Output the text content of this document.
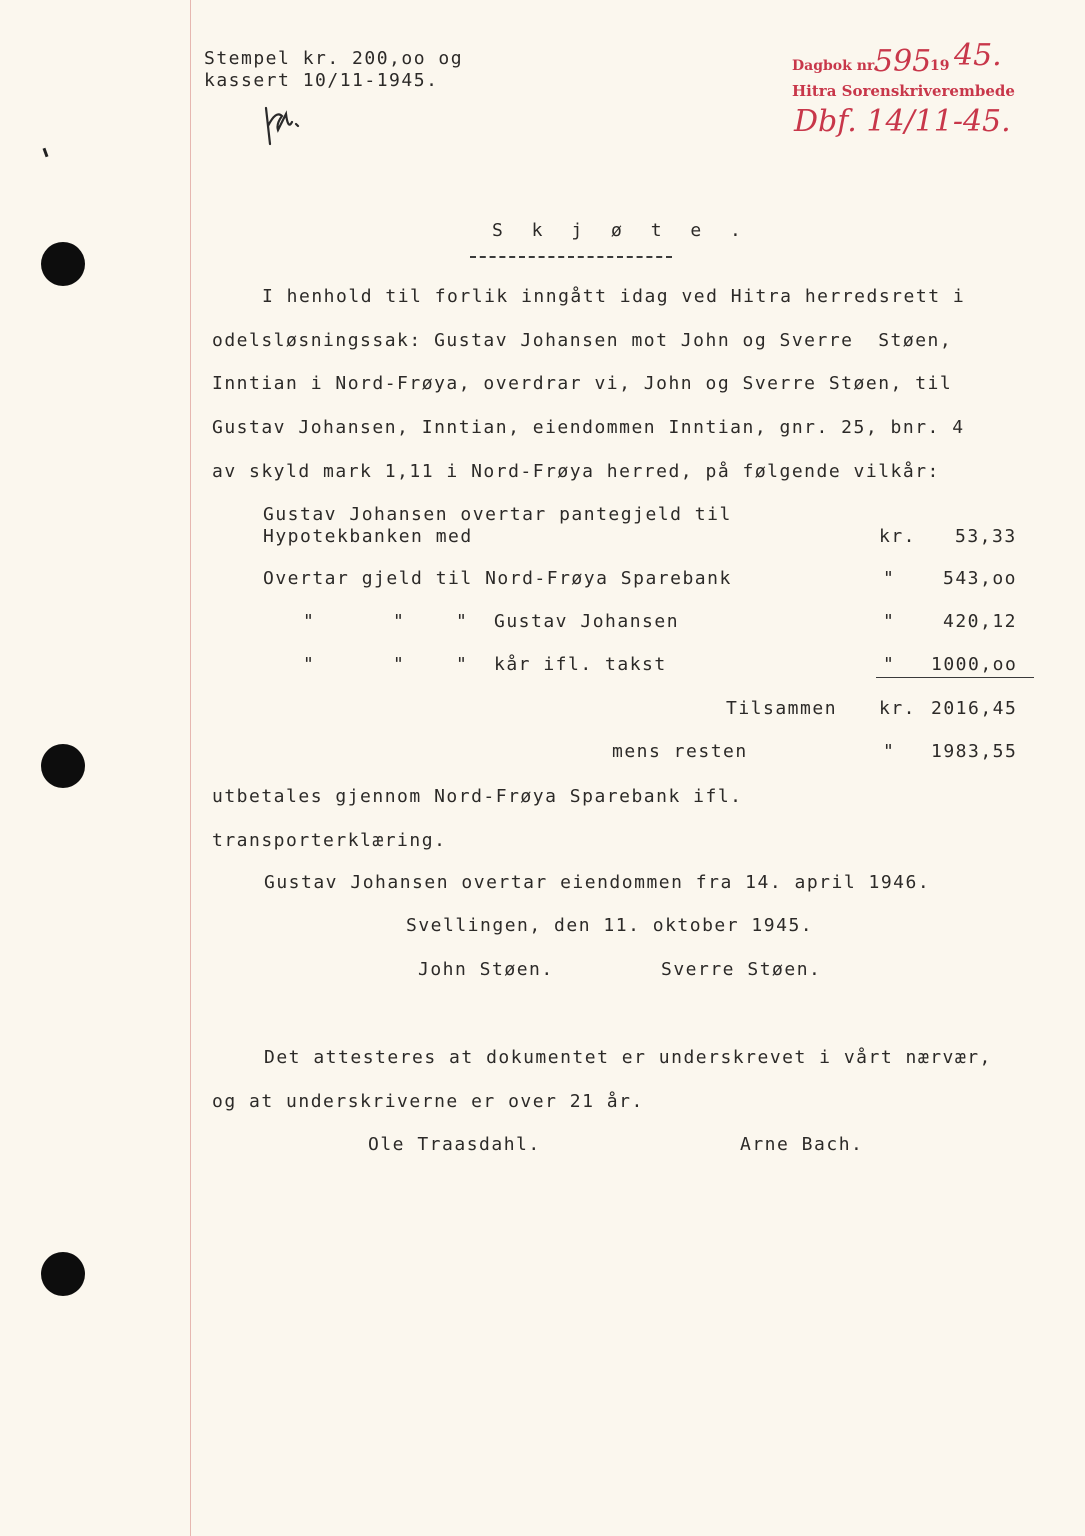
Stempel kr. 200,oo og
kassert 10/11-1945.
Dagbok nr.
595
19 45.
Hitra Sorenskriverembede
Dbf. 14/11-45.
S k j ø t e .
I henhold til forlik inngått idag ved Hitra herredsrett i
odelsløsningssak: Gustav Johansen mot John og Sverre  Støen,
Inntian i Nord-Frøya, overdrar vi, John og Sverre Støen, til
Gustav Johansen, Inntian, eiendommen Inntian, gnr. 25, bnr. 4
av skyld mark 1,11 i Nord-Frøya herred, på følgende vilkår:
Gustav Johansen overtar pantegjeld til
Hypotekbanken med	kr. 53,33
Overtar gjeld til Nord-Frøya Sparebank	"	543,oo
"	"	" Gustav Johansen	"	420,12
"	"	" kår ifl. takst	" 1000,oo
Tilsammen kr. 2016,45
mens resten	" 1983,55
utbetales gjennom Nord-Frøya Sparebank ifl.
transporterklæring.
Gustav Johansen overtar eiendommen fra 14. april 1946.
Svellingen, den 11. oktober 1945.
John Støen.	Sverre Støen.
Det attesteres at dokumentet er underskrevet i vårt nærvær,
og at underskriverne er over 21 år.
Ole Traasdahl.	Arne Bach.
